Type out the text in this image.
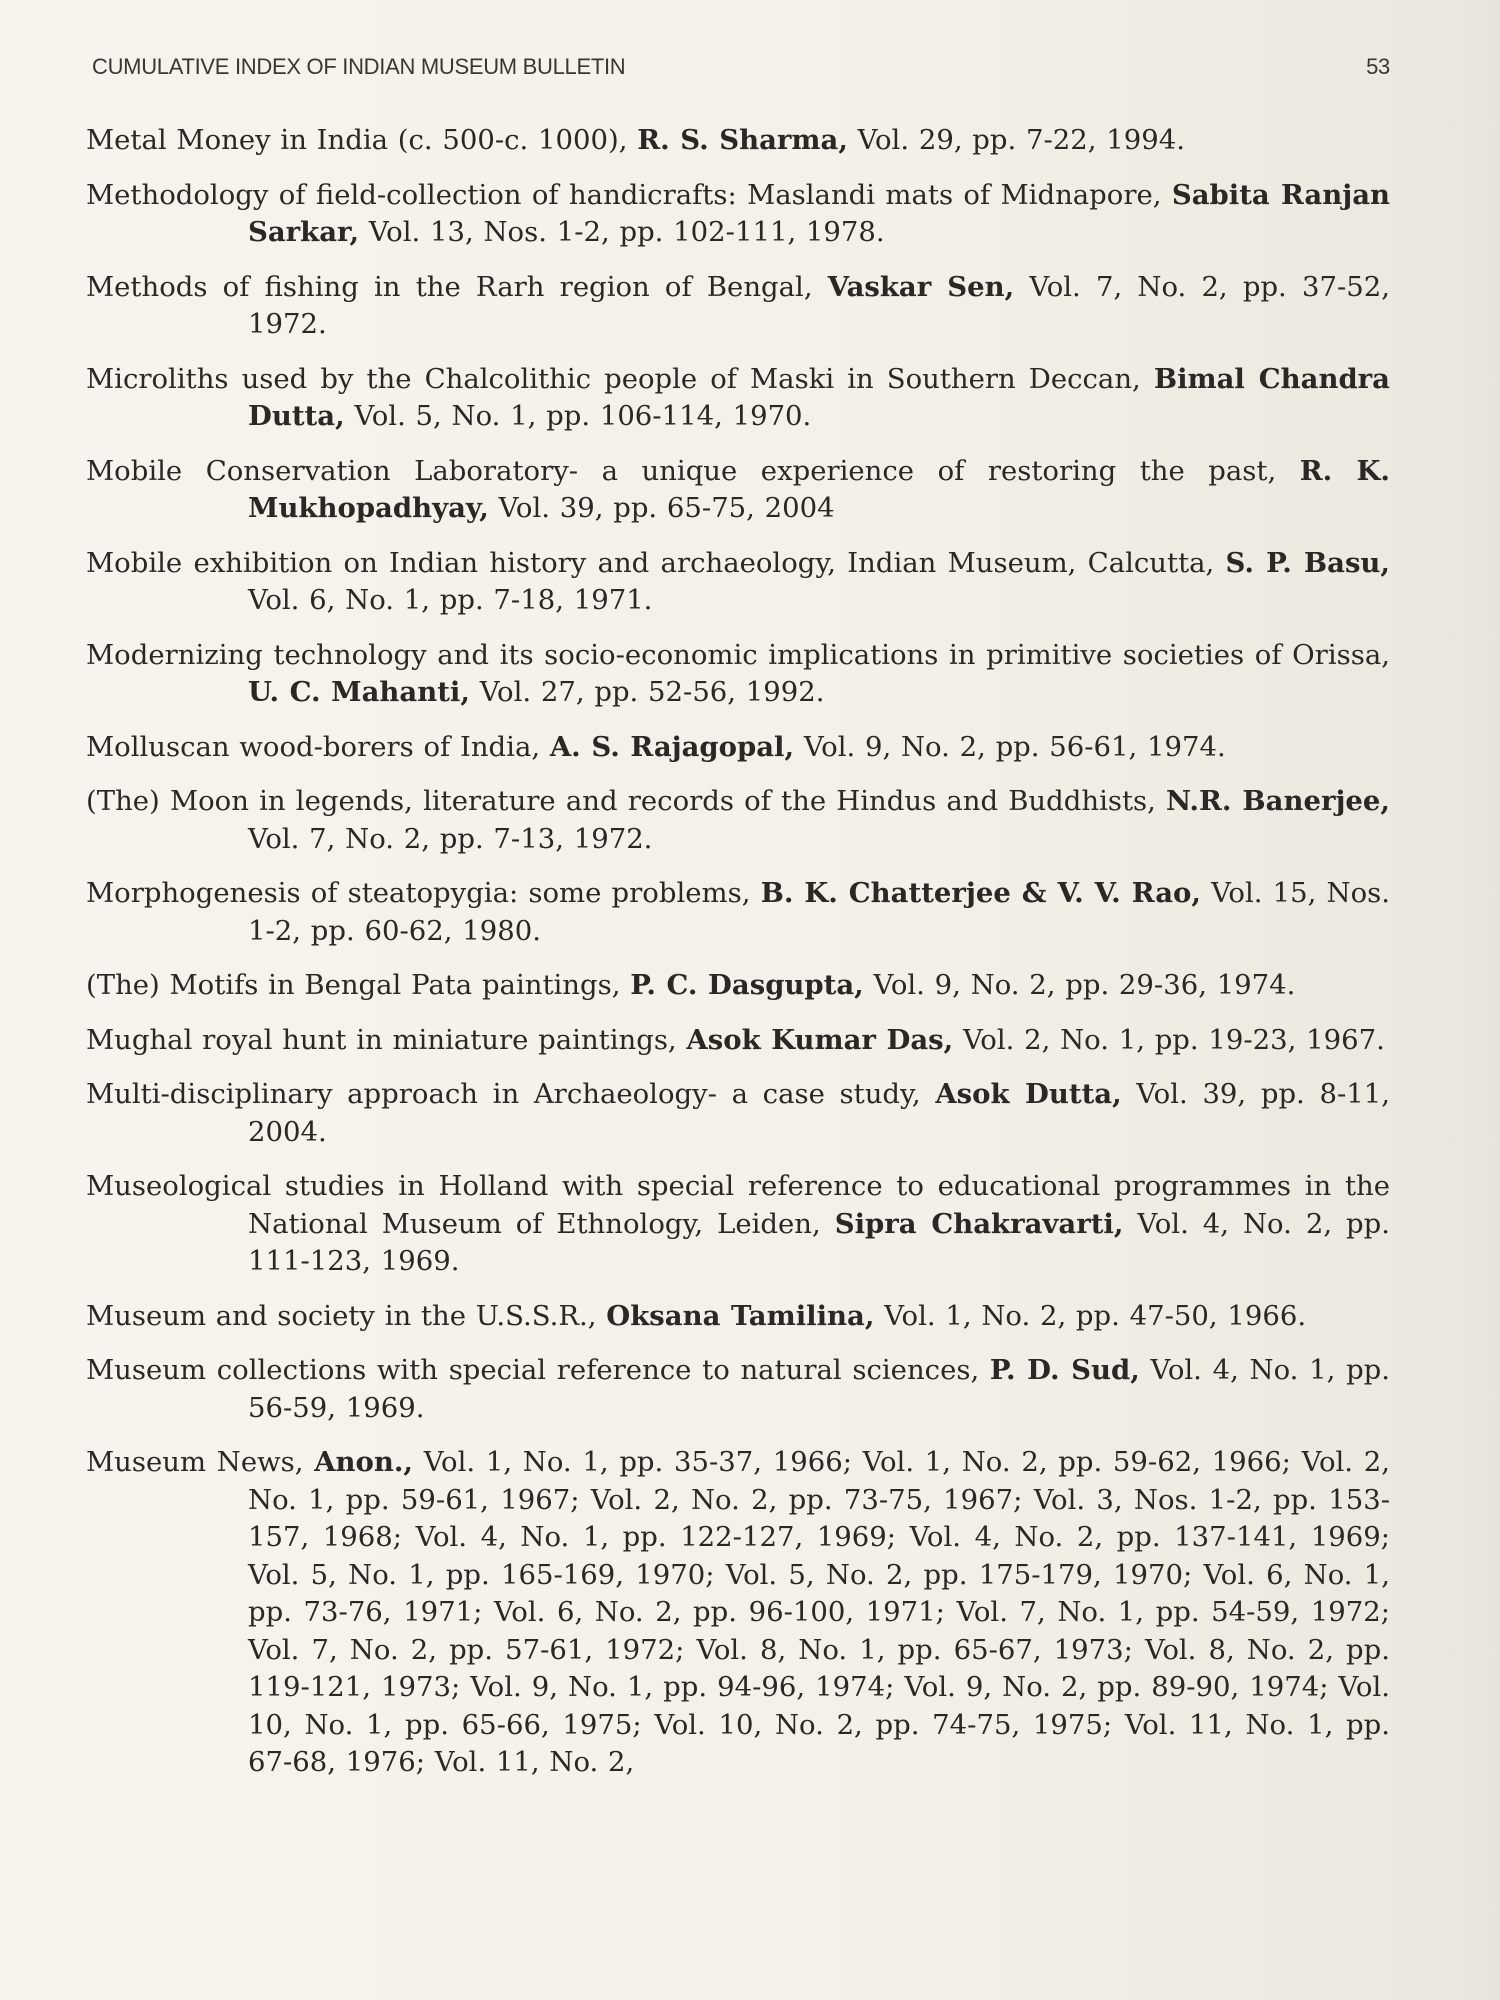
CUMULATIVE INDEX OF INDIAN MUSEUM BULLETIN	53

Metal Money in India (c. 500-c. 1000), R. S. Sharma, Vol. 29, pp. 7-22, 1994.

Methodology of field-collection of handicrafts: Maslandi mats of Midnapore, Sabita Ranjan Sarkar, Vol. 13, Nos. 1-2, pp. 102-111, 1978.

Methods of fishing in the Rarh region of Bengal, Vaskar Sen, Vol. 7, No. 2, pp. 37-52, 1972.

Microliths used by the Chalcolithic people of Maski in Southern Deccan, Bimal Chandra Dutta, Vol. 5, No. 1, pp. 106-114, 1970.

Mobile Conservation Laboratory- a unique experience of restoring the past, R. K. Mukhopadhyay, Vol. 39, pp. 65-75, 2004

Mobile exhibition on Indian history and archaeology, Indian Museum, Calcutta, S. P. Basu, Vol. 6, No. 1, pp. 7-18, 1971.

Modernizing technology and its socio-economic implications in primitive societies of Orissa, U. C. Mahanti, Vol. 27, pp. 52-56, 1992.

Molluscan wood-borers of India, A. S. Rajagopal, Vol. 9, No. 2, pp. 56-61, 1974.

(The) Moon in legends, literature and records of the Hindus and Buddhists, N.R. Banerjee, Vol. 7, No. 2, pp. 7-13, 1972.

Morphogenesis of steatopygia: some problems, B. K. Chatterjee & V. V. Rao, Vol. 15, Nos. 1-2, pp. 60-62, 1980.

(The) Motifs in Bengal Pata paintings, P. C. Dasgupta, Vol. 9, No. 2, pp. 29-36, 1974.

Mughal royal hunt in miniature paintings, Asok Kumar Das, Vol. 2, No. 1, pp. 19-23, 1967.

Multi-disciplinary approach in Archaeology- a case study, Asok Dutta, Vol. 39, pp. 8-11, 2004.

Museological studies in Holland with special reference to educational programmes in the National Museum of Ethnology, Leiden, Sipra Chakravarti, Vol. 4, No. 2, pp. 111-123, 1969.

Museum and society in the U.S.S.R., Oksana Tamilina, Vol. 1, No. 2, pp. 47-50, 1966.

Museum collections with special reference to natural sciences, P. D. Sud, Vol. 4, No. 1, pp. 56-59, 1969.

Museum News, Anon., Vol. 1, No. 1, pp. 35-37, 1966; Vol. 1, No. 2, pp. 59-62, 1966; Vol. 2, No. 1, pp. 59-61, 1967; Vol. 2, No. 2, pp. 73-75, 1967; Vol. 3, Nos. 1-2, pp. 153-157, 1968; Vol. 4, No. 1, pp. 122-127, 1969; Vol. 4, No. 2, pp. 137-141, 1969; Vol. 5, No. 1, pp. 165-169, 1970; Vol. 5, No. 2, pp. 175-179, 1970; Vol. 6, No. 1, pp. 73-76, 1971; Vol. 6, No. 2, pp. 96-100, 1971; Vol. 7, No. 1, pp. 54-59, 1972; Vol. 7, No. 2, pp. 57-61, 1972; Vol. 8, No. 1, pp. 65-67, 1973; Vol. 8, No. 2, pp. 119-121, 1973; Vol. 9, No. 1, pp. 94-96, 1974; Vol. 9, No. 2, pp. 89-90, 1974; Vol. 10, No. 1, pp. 65-66, 1975; Vol. 10, No. 2, pp. 74-75, 1975; Vol. 11, No. 1, pp. 67-68, 1976; Vol. 11, No. 2,
